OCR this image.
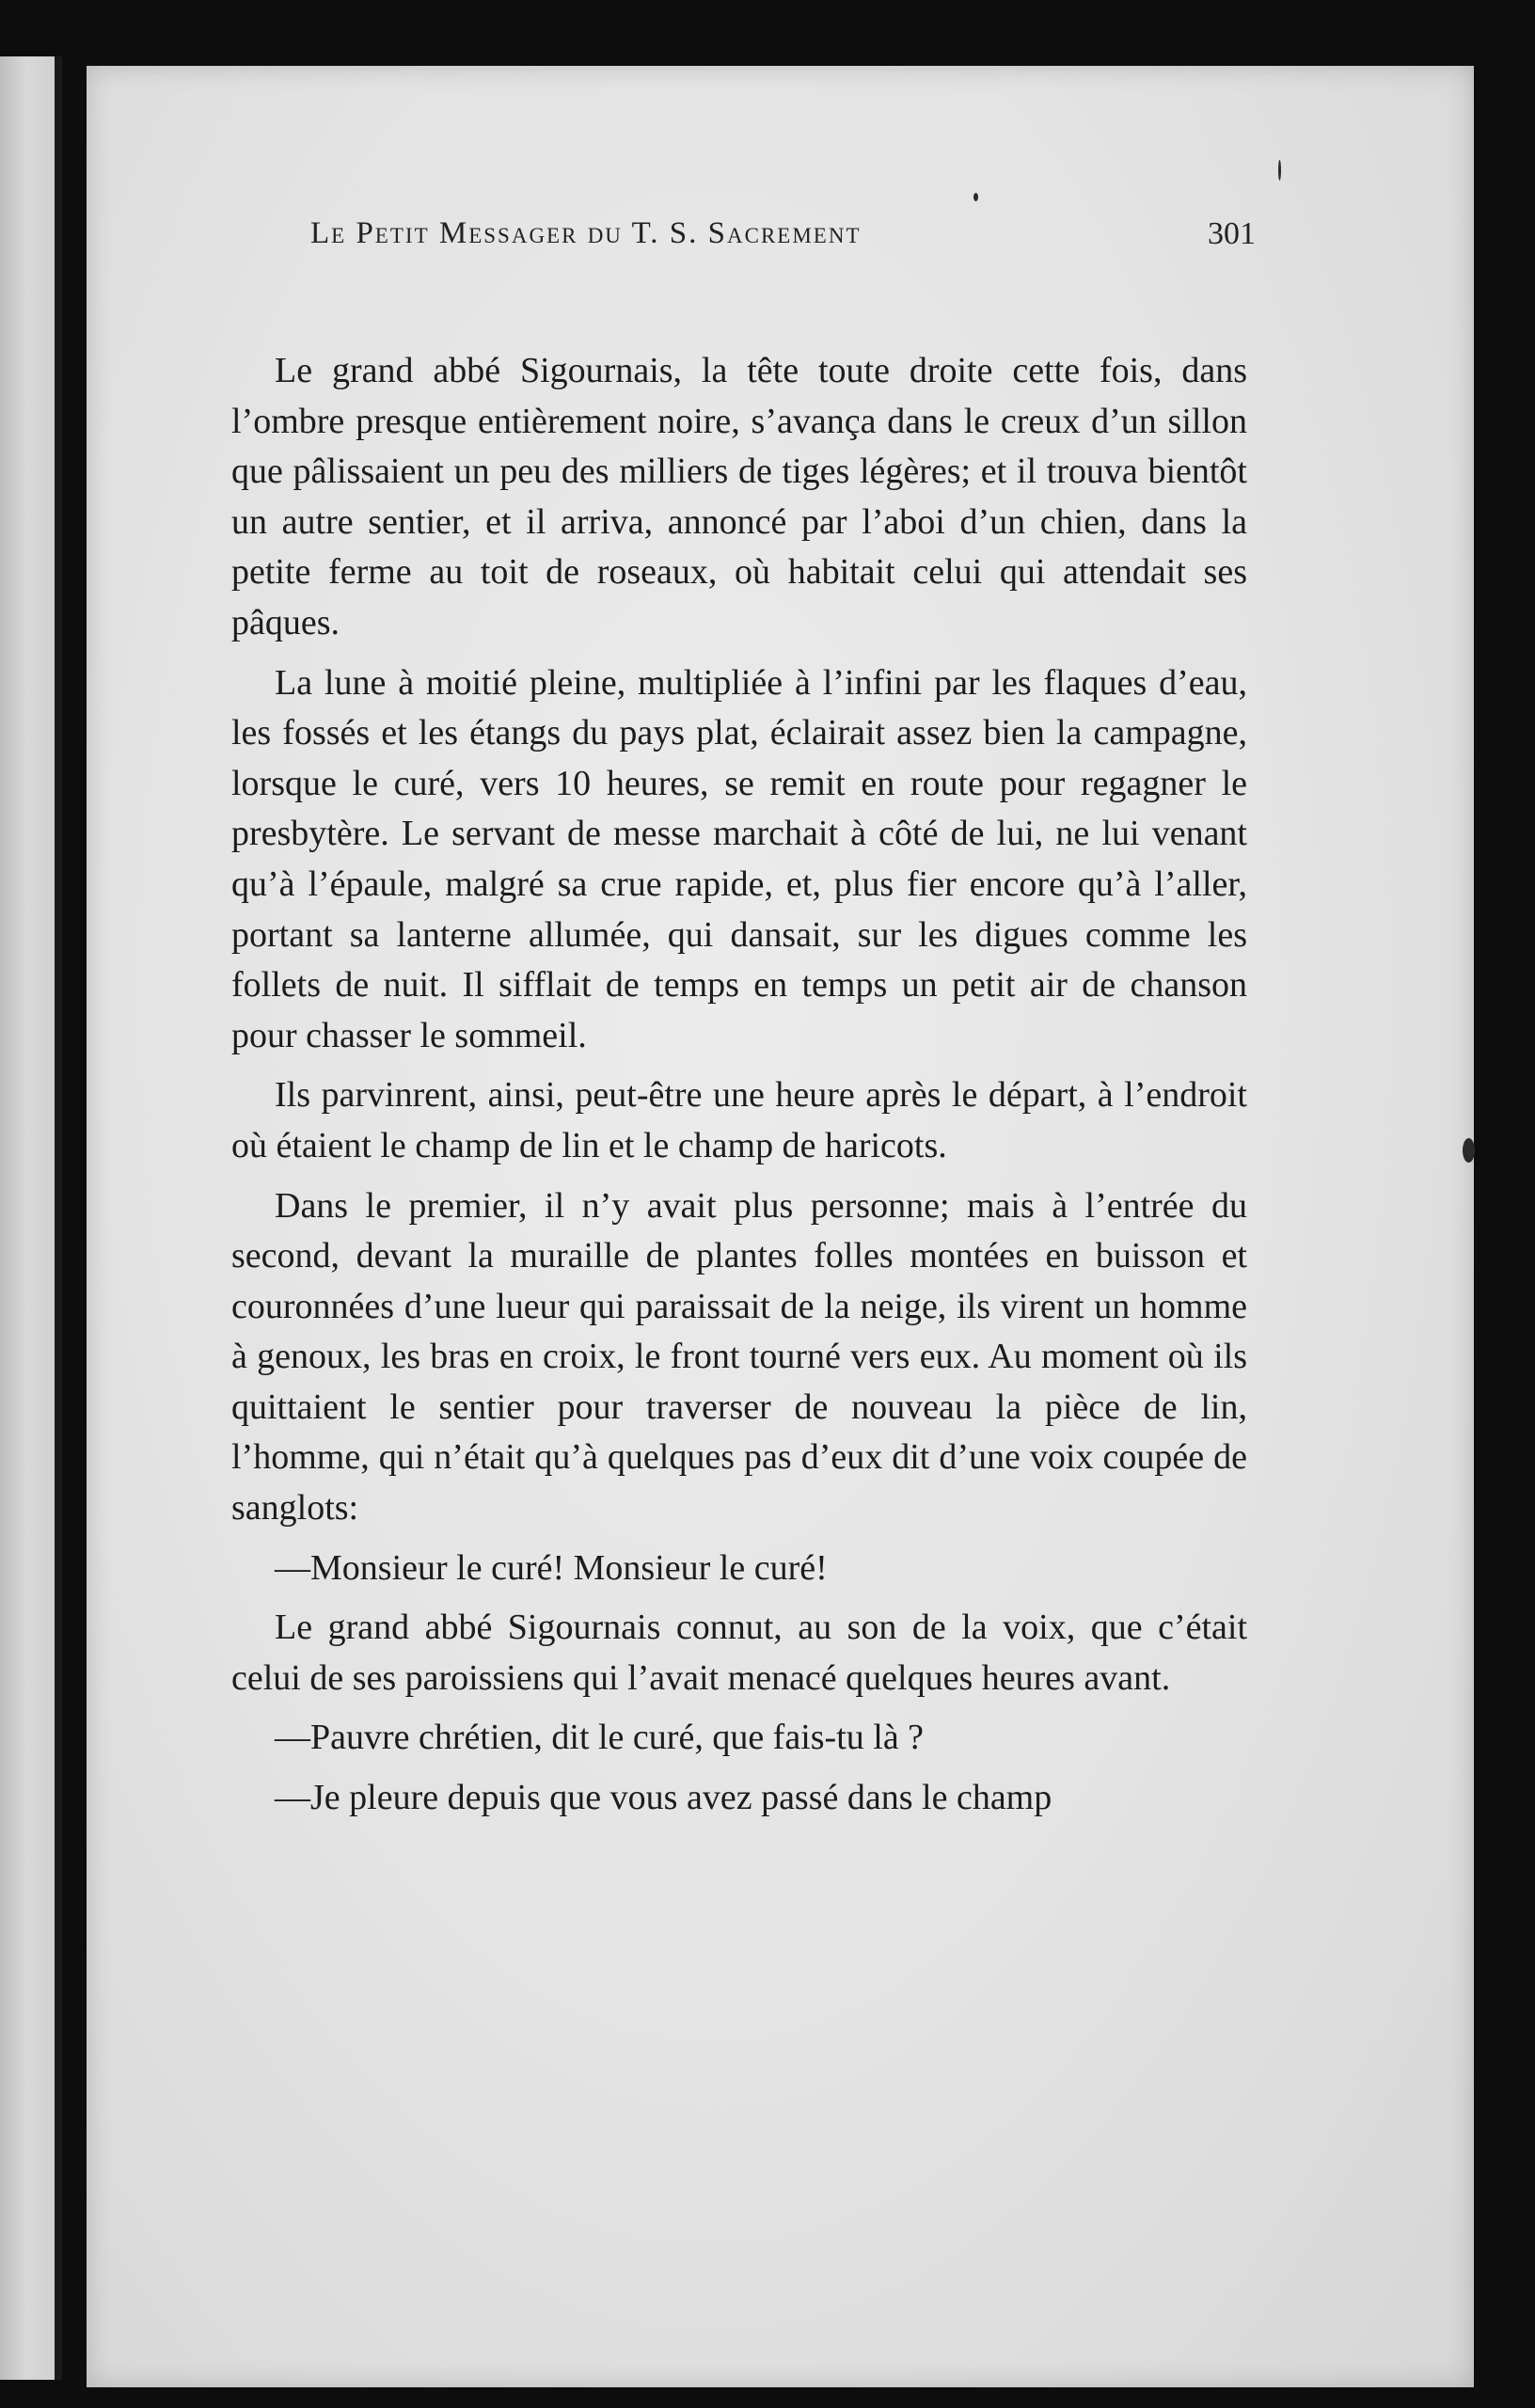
Le Petit Messager du T. S. Sacrement	301

Le grand abbé Sigournais, la tête toute droite cette fois, dans l’ombre presque entièrement noire, s’avança dans le creux d’un sillon que pâlissaient un peu des milliers de tiges légères; et il trouva bientôt un autre sentier, et il arriva, annoncé par l’aboi d’un chien, dans la petite ferme au toit de roseaux, où habitait celui qui attendait ses pâques.

La lune à moitié pleine, multipliée à l’infini par les flaques d’eau, les fossés et les étangs du pays plat, éclairait assez bien la campagne, lorsque le curé, vers 10 heures, se remit en route pour regagner le presbytère. Le servant de messe marchait à côté de lui, ne lui venant qu’à l’épaule, malgré sa crue rapide, et, plus fier encore qu’à l’aller, portant sa lanterne allumée, qui dansait, sur les digues comme les follets de nuit. Il sifflait de temps en temps un petit air de chanson pour chasser le sommeil.

Ils parvinrent, ainsi, peut-être une heure après le départ, à l’endroit où étaient le champ de lin et le champ de haricots.

Dans le premier, il n’y avait plus personne; mais à l’entrée du second, devant la muraille de plantes folles montées en buisson et couronnées d’une lueur qui paraissait de la neige, ils virent un homme à genoux, les bras en croix, le front tourné vers eux. Au moment où ils quittaient le sentier pour traverser de nouveau la pièce de lin, l’homme, qui n’était qu’à quelques pas d’eux dit d’une voix coupée de sanglots:

—Monsieur le curé! Monsieur le curé!

Le grand abbé Sigournais connut, au son de la voix, que c’était celui de ses paroissiens qui l’avait menacé quelques heures avant.

—Pauvre chrétien, dit le curé, que fais-tu là ?

—Je pleure depuis que vous avez passé dans le champ
